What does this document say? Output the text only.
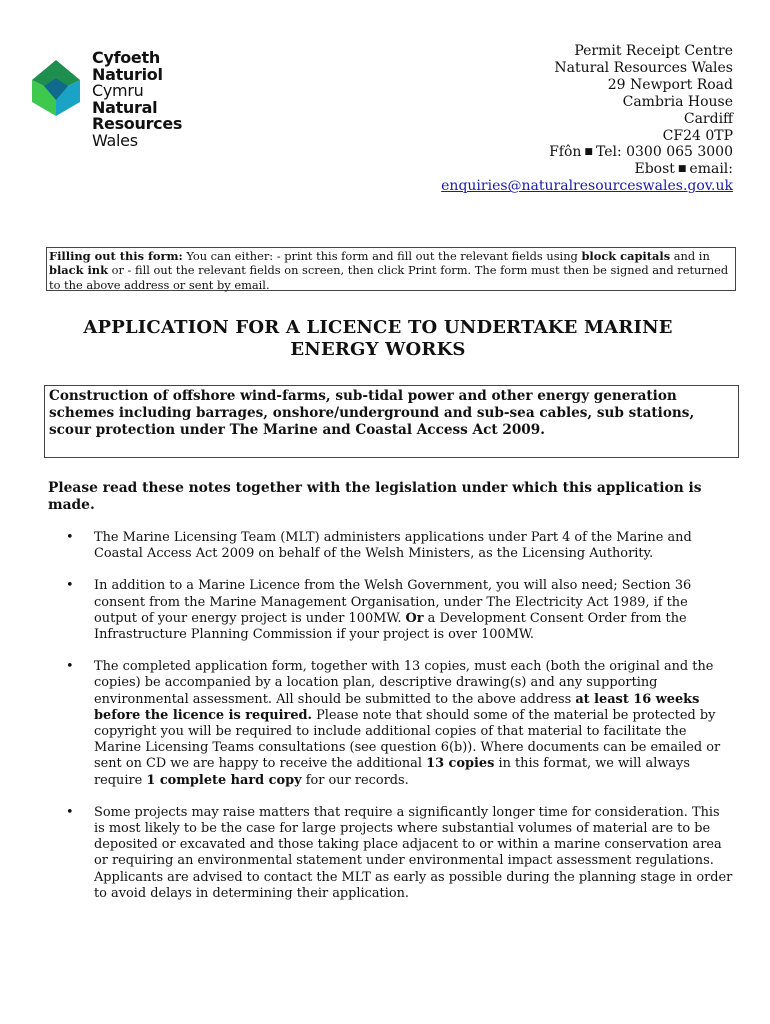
Cyfoeth
Naturiol
Cymru
Natural
Resources
Wales
Permit Receipt Centre
Natural Resources Wales
29 Newport Road
Cambria House
Cardiff
CF24 0TP
Ffôn ■ Tel: 0300 065 3000
Ebost ■ email:
enquiries@naturalresourceswales.gov.uk
Filling out this form: You can either: - print this form and fill out the relevant fields using block capitals and in black ink or - fill out the relevant fields on screen, then click Print form. The form must then be signed and returned to the above address or sent by email.
APPLICATION FOR A LICENCE TO UNDERTAKE MARINE ENERGY WORKS
Construction of offshore wind-farms, sub-tidal power and other energy generation schemes including barrages, onshore/underground and sub-sea cables, sub stations, scour protection under The Marine and Coastal Access Act 2009.
Please read these notes together with the legislation under which this application is made.
• The Marine Licensing Team (MLT) administers applications under Part 4 of the Marine and Coastal Access Act 2009 on behalf of the Welsh Ministers, as the Licensing Authority.
• In addition to a Marine Licence from the Welsh Government, you will also need; Section 36 consent from the Marine Management Organisation, under The Electricity Act 1989, if the output of your energy project is under 100MW. Or a Development Consent Order from the Infrastructure Planning Commission if your project is over 100MW.
• The completed application form, together with 13 copies, must each (both the original and the copies) be accompanied by a location plan, descriptive drawing(s) and any supporting environmental assessment. All should be submitted to the above address at least 16 weeks before the licence is required. Please note that should some of the material be protected by copyright you will be required to include additional copies of that material to facilitate the Marine Licensing Teams consultations (see question 6(b)). Where documents can be emailed or sent on CD we are happy to receive the additional 13 copies in this format, we will always require 1 complete hard copy for our records.
• Some projects may raise matters that require a significantly longer time for consideration. This is most likely to be the case for large projects where substantial volumes of material are to be deposited or excavated and those taking place adjacent to or within a marine conservation area or requiring an environmental statement under environmental impact assessment regulations. Applicants are advised to contact the MLT as early as possible during the planning stage in order to avoid delays in determining their application.
